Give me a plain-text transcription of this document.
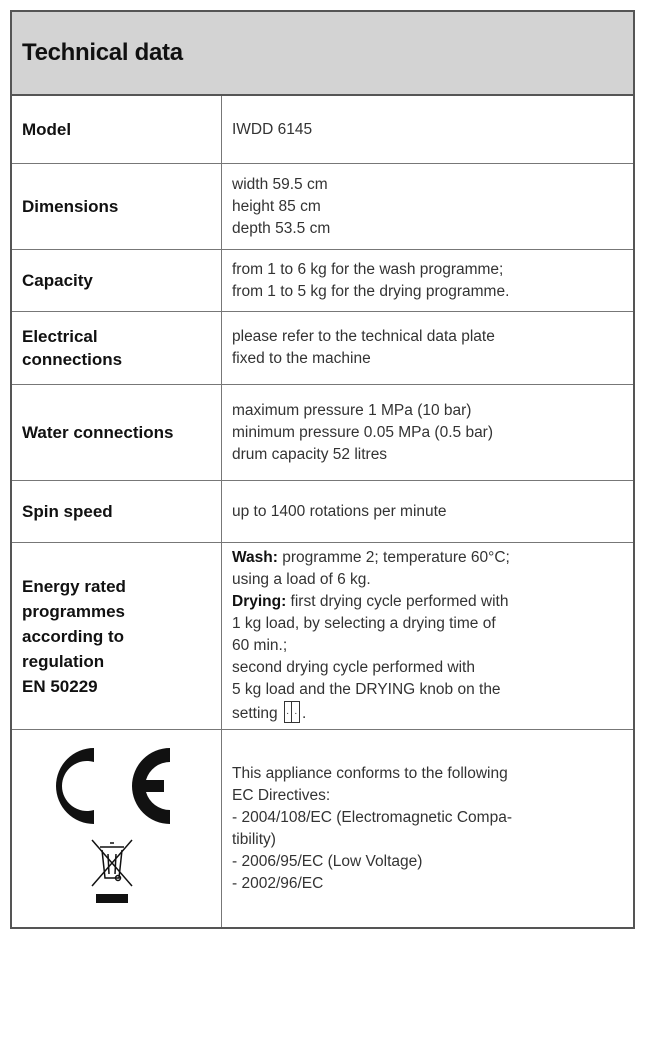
Technical data
Model	IWDD 6145
Dimensions
width 59.5 cm
height 85 cm
depth 53.5 cm
Capacity
from 1 to 6 kg for the wash programme;
from 1 to 5 kg for the drying programme.
Electrical
connections
please refer to the technical data plate
fixed to the machine
Water connections
maximum pressure 1 MPa (10 bar)
minimum pressure 0.05 MPa (0.5 bar)
drum capacity 52 litres
Spin speed	up to 1400 rotations per minute
Energy rated
programmes
according to
regulation
EN 50229
Wash: programme 2; temperature 60°C;
using a load of 6 kg.
Drying: first drying cycle performed with
1 kg load, by selecting a drying time of
60 min.;
second drying cycle performed with
5 kg load and the DRYING knob on the
setting · · .
This appliance conforms to the following
EC Directives:
- 2004/108/EC (Electromagnetic Compa-
tibility)
- 2006/95/EC (Low Voltage)
- 2002/96/EC
